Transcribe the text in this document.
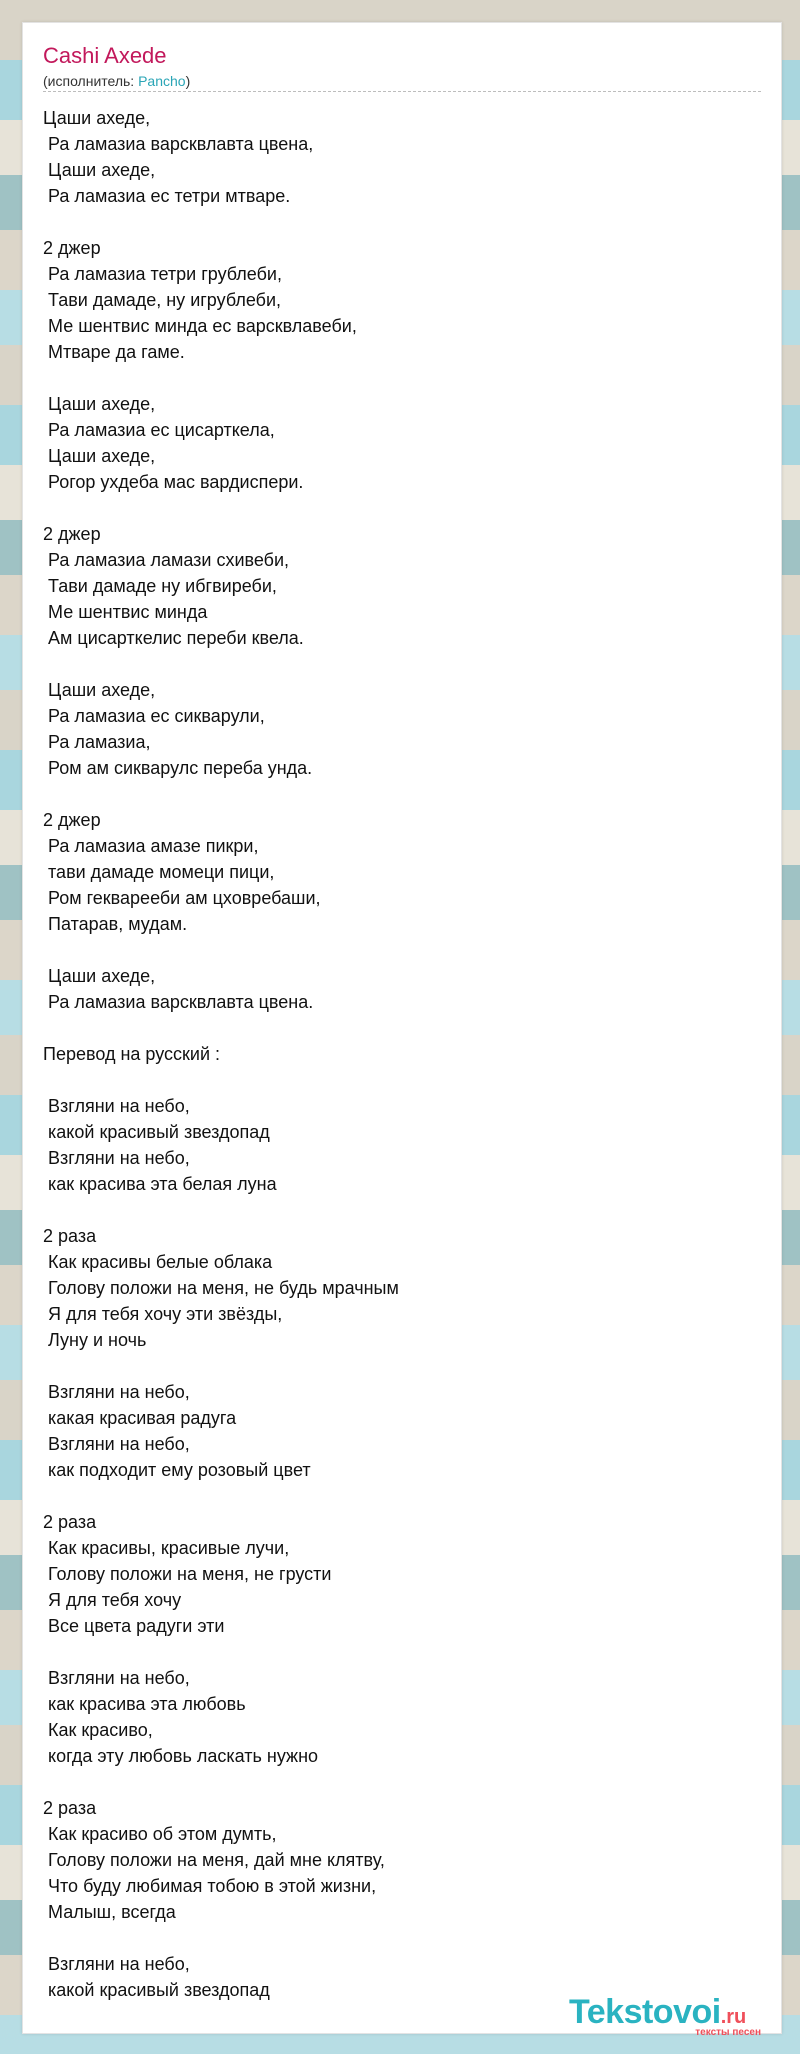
Cashi Axede
(исполнитель: Pancho)
Цаши ахеде,
Ра ламазиа варсквлавта цвена,
Цаши ахеде,
Ра ламазиа ес тетри мтваре.

2 джер
Ра ламазиа тетри грублеби,
Тави дамаде, ну игрублеби,
Ме шентвис минда ес варсквлавеби,
Мтваре да гаме.

Цаши ахеде,
Ра ламазиа ес цисарткела,
Цаши ахеде,
Рогор ухдеба мас вардиспери.

2 джер
Ра ламазиа ламази схивеби,
Тави дамаде ну ибгвиреби,
Ме шентвис минда
Ам цисарткелис переби квела.

Цаши ахеде,
Ра ламазиа ес сикварули,
Ра ламазиа,
Ром ам сикварулс переба унда.

2 джер
Ра ламазиа амазе пикри,
тави дамаде момеци пици,
Ром гекварееби ам цховребаши,
Патарав, мудам.

Цаши ахеде,
Ра ламазиа варсквлавта цвена.

Перевод на русский :

Взгляни на небо,
какой красивый звездопад
Взгляни на небо,
как красива эта белая луна

2 раза
Как красивы белые облака
Голову положи на меня, не будь мрачным
Я для тебя хочу эти звёзды,
Луну и ночь

Взгляни на небо,
какая красивая радуга
Взгляни на небо,
как подходит ему розовый цвет

2 раза
Как красивы, красивые лучи,
Голову положи на меня, не грусти
Я для тебя хочу
Все цвета радуги эти

Взгляни на небо,
как красива эта любовь
Как красиво,
когда эту любовь ласкать нужно

2 раза
Как красиво об этом думть,
Голову положи на меня, дай мне клятву,
Что буду любимая тобою в этой жизни,
Малыш, всегда

Взгляни на небо,
какой красивый звездопад
Tekstovoi.ru
тексты песен
